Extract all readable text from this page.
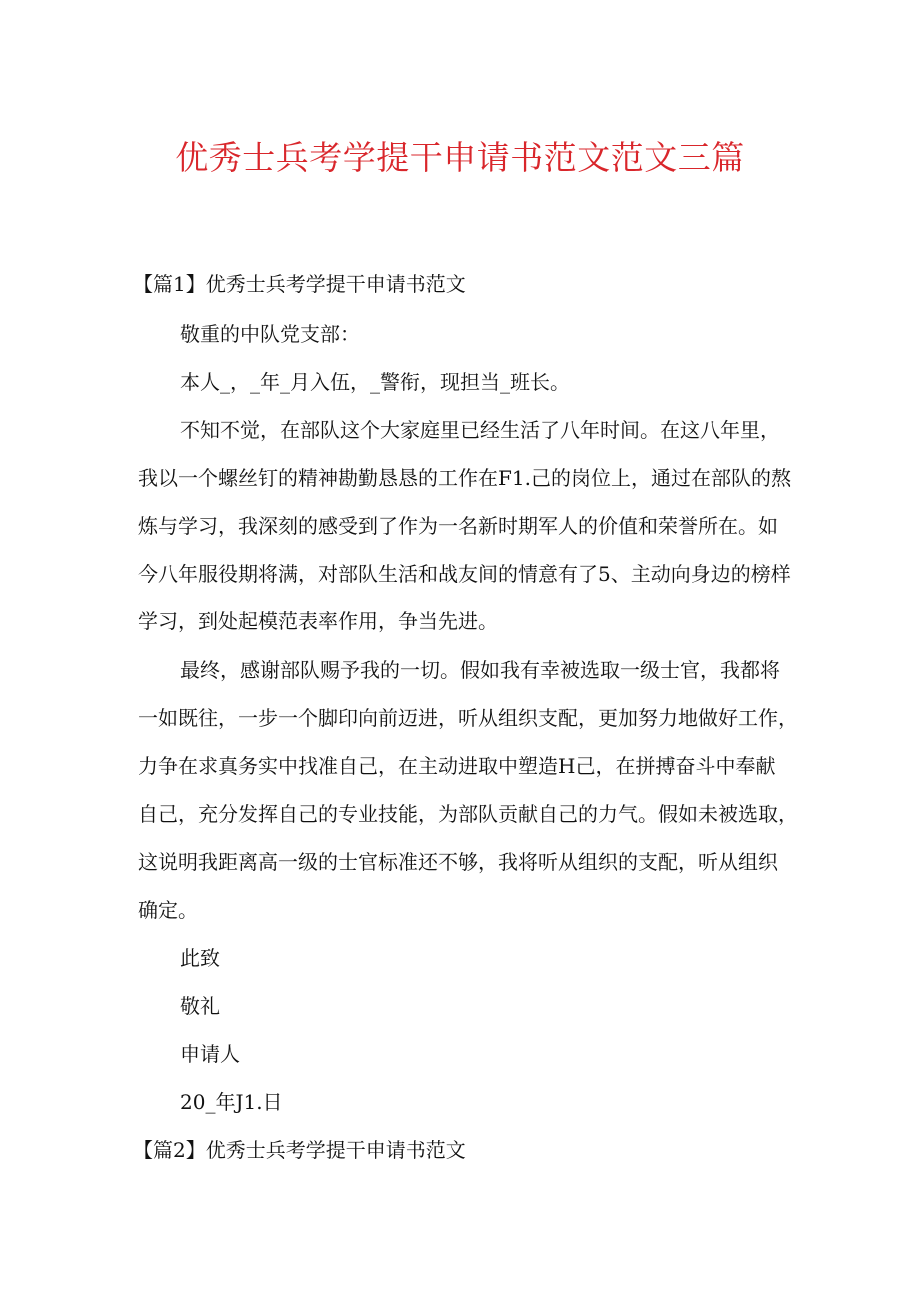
优秀士兵考学提干申请书范文范文三篇
【篇1】优秀士兵考学提干申请书范文
敬重的中队党支部：
本人_，_年_月入伍，_警衔，现担当_班长。
不知不觉，在部队这个大家庭里已经生活了八年时间。在这八年里，
我以一个螺丝钉的精神勘勤恳恳的工作在F1.己的岗位上，通过在部队的熬
炼与学习，我深刻的感受到了作为一名新时期军人的价值和荣誉所在。如
今八年服役期将满，对部队生活和战友间的情意有了5、主动向身边的榜样
学习，到处起模范表率作用，争当先进。
最终，感谢部队赐予我的一切。假如我有幸被选取一级士官，我都将
一如既往，一步一个脚印向前迈进，听从组织支配，更加努力地做好工作，
力争在求真务实中找准自己，在主动进取中塑造H己，在拼搏奋斗中奉献
自己，充分发挥自己的专业技能，为部队贡献自己的力气。假如未被选取，
这说明我距离高一级的士官标准还不够，我将听从组织的支配，听从组织
确定。
此致
敬礼
申请人
20_年J1.日
【篇2】优秀士兵考学提干申请书范文
